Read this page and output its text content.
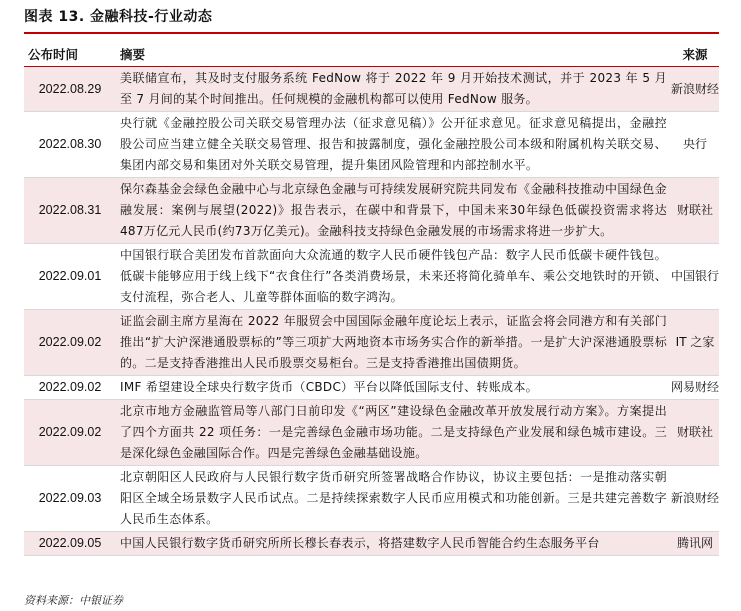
图表 13. 金融科技-行业动态
公布时间	摘要	来源
2022.08.29	美联储宣布，其及时支付服务系统 FedNow 将于 2022 年 9 月开始技术测试，并于 2023 年 5 月至 7 月间的某个时间推出。任何规模的金融机构都可以使用 FedNow 服务。	新浪财经
2022.08.30	央行就《金融控股公司关联交易管理办法（征求意见稿）》公开征求意见。征求意见稿提出，金融控股公司应当建立健全关联交易管理、报告和披露制度，强化金融控股公司本级和附属机构关联交易、集团内部交易和集团对外关联交易管理，提升集团风险管理和内部控制水平。	央行
2022.08.31	保尔森基金会绿色金融中心与北京绿色金融与可持续发展研究院共同发布《金融科技推动中国绿色金融发展：案例与展望(2022)》报告表示，在碳中和背景下，中国未来30年绿色低碳投资需求将达487万亿元人民币(约73万亿美元)。金融科技支持绿色金融发展的市场需求将进一步扩大。	财联社
2022.09.01	中国银行联合美团发布首款面向大众流通的数字人民币硬件钱包产品：数字人民币低碳卡硬件钱包。低碳卡能够应用于线上线下“衣食住行”各类消费场景，未来还将简化骑单车、乘公交地铁时的开锁、支付流程，弥合老人、儿童等群体面临的数字鸿沟。	中国银行
2022.09.02	证监会副主席方星海在 2022 年服贸会中国国际金融年度论坛上表示，证监会将会同港方和有关部门推出“扩大沪深港通股票标的”等三项扩大两地资本市场务实合作的新举措。一是扩大沪深港通股票标的。二是支持香港推出人民币股票交易柜台。三是支持香港推出国债期货。	IT 之家
2022.09.02	IMF 希望建设全球央行数字货币（CBDC）平台以降低国际支付、转账成本。	网易财经
2022.09.02	北京市地方金融监管局等八部门日前印发《“两区”建设绿色金融改革开放发展行动方案》。方案提出了四个方面共 22 项任务：一是完善绿色金融市场功能。二是支持绿色产业发展和绿色城市建设。三是深化绿色金融国际合作。四是完善绿色金融基础设施。	财联社
2022.09.03	北京朝阳区人民政府与人民银行数字货币研究所签署战略合作协议，协议主要包括：一是推动落实朝阳区全域全场景数字人民币试点。二是持续探索数字人民币应用模式和功能创新。三是共建完善数字人民币生态体系。	新浪财经
2022.09.05	中国人民银行数字货币研究所所长穆长春表示，将搭建数字人民币智能合约生态服务平台	腾讯网
资料来源：中银证券
